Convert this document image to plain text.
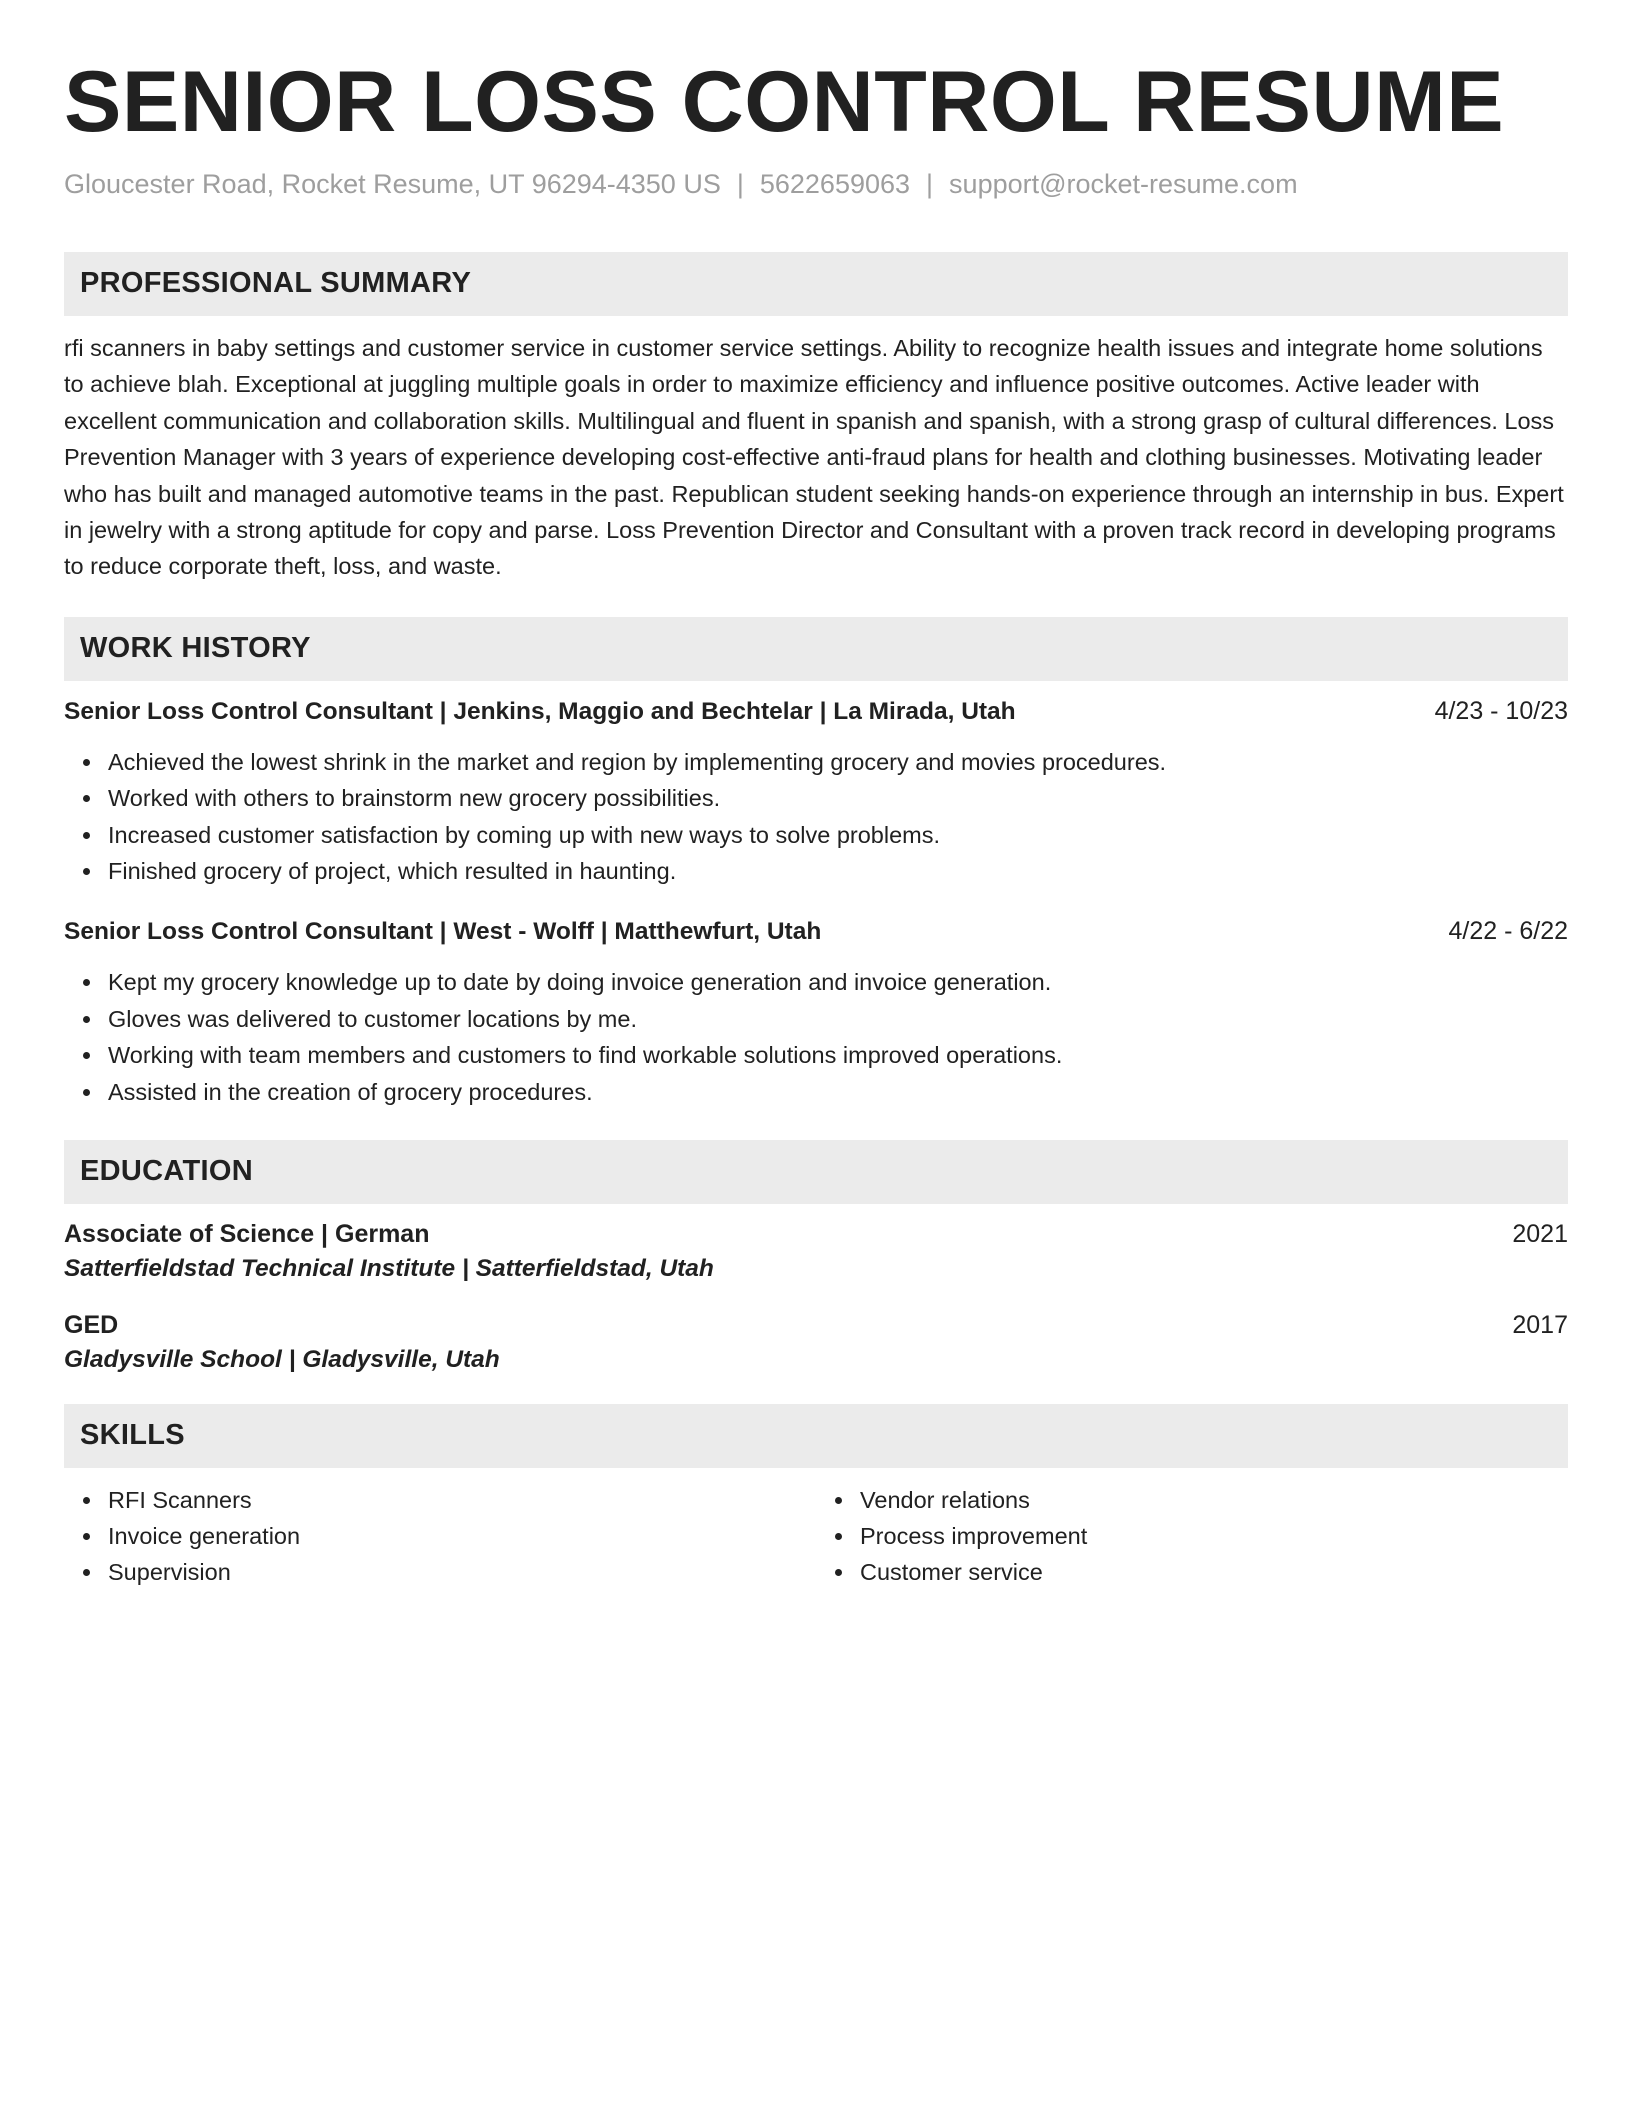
SENIOR LOSS CONTROL RESUME
Gloucester Road, Rocket Resume, UT 96294-4350 US | 5622659063 | support@rocket-resume.com
PROFESSIONAL SUMMARY

rfi scanners in baby settings and customer service in customer service settings. Ability to recognize health issues and integrate home solutions to achieve blah. Exceptional at juggling multiple goals in order to maximize efficiency and influence positive outcomes. Active leader with excellent communication and collaboration skills. Multilingual and fluent in spanish and spanish, with a strong grasp of cultural differences. Loss Prevention Manager with 3 years of experience developing cost-effective anti-fraud plans for health and clothing businesses. Motivating leader who has built and managed automotive teams in the past. Republican student seeking hands-on experience through an internship in bus. Expert in jewelry with a strong aptitude for copy and parse. Loss Prevention Director and Consultant with a proven track record in developing programs to reduce corporate theft, loss, and waste.

WORK HISTORY
Senior Loss Control Consultant | Jenkins, Maggio and Bechtelar | La Mirada, Utah	4/23 - 10/23
Achieved the lowest shrink in the market and region by implementing grocery and movies procedures.
Worked with others to brainstorm new grocery possibilities.
Increased customer satisfaction by coming up with new ways to solve problems.
Finished grocery of project, which resulted in haunting.
Senior Loss Control Consultant | West - Wolff | Matthewfurt, Utah	4/22 - 6/22
Kept my grocery knowledge up to date by doing invoice generation and invoice generation.
Gloves was delivered to customer locations by me.
Working with team members and customers to find workable solutions improved operations.
Assisted in the creation of grocery procedures.
EDUCATION
Associate of Science | German	2021
Satterfieldstad Technical Institute | Satterfieldstad, Utah
GED	2017
Gladysville School | Gladysville, Utah
SKILLS
RFI Scanners
Invoice generation
Supervision
Vendor relations
Process improvement
Customer service
